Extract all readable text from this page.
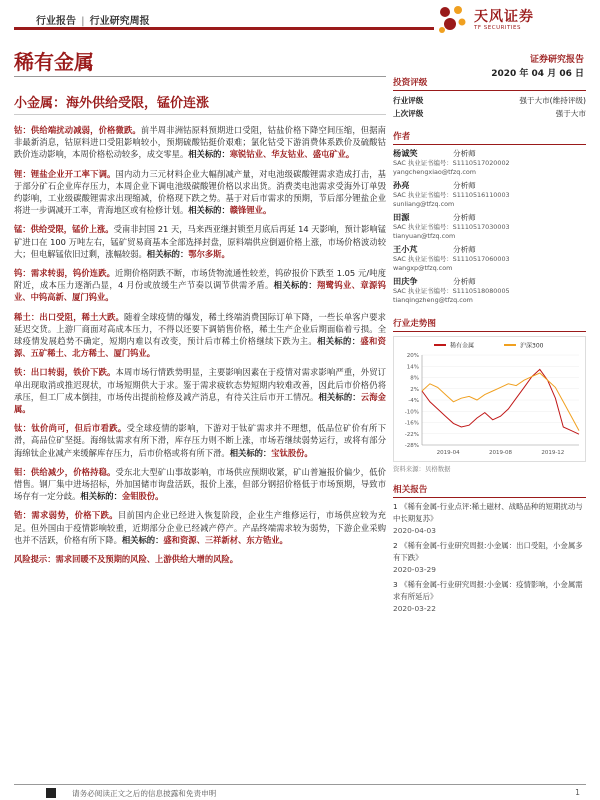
行业报告 | 行业研究周报	天风证券
TF SECURITIES
稀有金属	证券研究报告
2020 年 04 月 06 日
小金属：海外供给受限，锰价连涨
钴：供给端扰动减弱，价格微跌。前半周非洲钴原料预期进口受阻，钴盐价格下降空间压缩，但据南非最新消息，钴原料进口受阻影响较小，预期硫酸钴挺价艰难；氯化钴受下游消费体系跌价及硫酸钴跌价连动影响，本周价格松动较多，成交零星。相关标的：寒锐钴业、华友钴业、盛屯矿业。
锂：锂盐企业开工率下调。国内动力三元材料企业大幅削减产量，对电池级碳酸锂需求造成打击，基于部分矿石企业库存压力，本周企业下调电池级碳酸锂价格以求出货。消费类电池需求受海外订单毁约影响，工业级碳酸锂需求出现缩减，价格现下跌之势。基于对后市需求的预期，节后部分锂盐企业将进一步调减开工率，青海地区或有检修计划。相关标的：赣锋锂业。
锰：供给受限，锰价上涨。受南非封国 21 天，马来西亚继封锁至月底后再延 14 天影响，预计影响锰矿进口在 100 万吨左右，锰矿贸易商基本全部选择封盘，原料端供应倒逼价格上涨，市场价格波动较大；但电解锰依旧过剩，涨幅较弱。相关标的：鄂尔多斯。
钨：需求转弱，钨价连跌。近期价格阴跌不断，市场货物流通性较差，钨矽报价下跌至 1.05 元/吨度附近，成本压力逐渐凸显，4 月份或放缓生产节奏以调节供需矛盾。相关标的：翔鹭钨业、章源钨业、中钨高新、厦门钨业。
稀土：出口受阻，稀土大跌。随着全球疫情的爆发，稀土终端消费国际订单下降，一些长单客户要求延迟交货。上游厂商面对高成本压力，不得以还要下调销售价格，稀土生产企业后期面临着亏损。全球疫情发展趋势不确定，短期内难以有改变，预计后市稀土价格继续下跌为主。相关标的：盛和资源、五矿稀土、北方稀土、厦门钨业。
铁：出口转弱，铁价下跌。本周市场行情跌势明显，主要影响因素在于疫情对需求影响严重，外贸订单出现取消或推迟现状，市场短期供大于求。鉴于需求疲软态势短期内较难改善，因此后市价格仍将承压，但工厂成本倒挂，市场传出提前检修及减产消息，有待关注后市开工情况。相关标的：云海金属。
钛：钛价尚可，但后市看跌。受全球疫情的影响，下游对于钛矿需求并不理想，低品位矿价有所下滑，高品位矿坚挺。海绵钛需求有所下滑，库存压力则不断上涨，市场若继续弱势运行，或将有部分海绵钛企业减产来缓解库存压力，后市价格或将有所下滑。相关标的：宝钛股份。
钼：供给减少，价格持稳。受东北大型矿山事故影响，市场供应预期收紧，矿山普遍报价偏少，低价惜售。钢厂集中进场招标，外加国储市询盘活跃，报价上涨，但部分钢招价格低于市场预期，导致市场存有一定分歧。相关标的：金钼股份。
锆：需求弱势，价格下跌。目前国内企业已经进入恢复阶段，企业生产维修运行，市场供应较为充足。但外国由于疫情影响较重，近期部分企业已经减产停产。产品终端需求较为弱势，下游企业采购也并不活跃，价格有所下降。相关标的：盛和资源、三祥新材、东方锆业。
风险提示：需求回暖不及预期的风险、上游供给大增的风险。
投资评级
行业评级	强于大市(维持评级)
上次评级	强于大市
作者
杨诚笑	分析师
SAC 执业证书编号：S1110517020002
yangchengxiao@tfzq.com
孙亮	分析师
SAC 执业证书编号：S1110516110003
sunliang@tfzq.com
田源	分析师
SAC 执业证书编号：S1110517030003
tianyuan@tfzq.com
王小芃	分析师
SAC 执业证书编号：S1110517060003
wangxp@tfzq.com
田庆争	分析师
SAC 执业证书编号：S1110518080005
tianqingzheng@tfzq.com
行业走势图
20%
14%
8%
2%
-4%
-10%
-16%
-22%
-28%
2019-04	2019-08	2019-12
稀有金属	沪深300
资料来源：贝格数据
相关报告
1 《稀有金属-行业点评:稀土磁材、战略品种的短期扰动与中长期复苏》
2020-04-03
2 《稀有金属-行业研究周报:小金属：出口受阻，小金属多有下跌》
2020-03-29
3 《稀有金属-行业研究周报:小金属：疫情影响，小金属需求有所延后》
2020-03-22
请务必阅读正文之后的信息披露和免责申明	1
